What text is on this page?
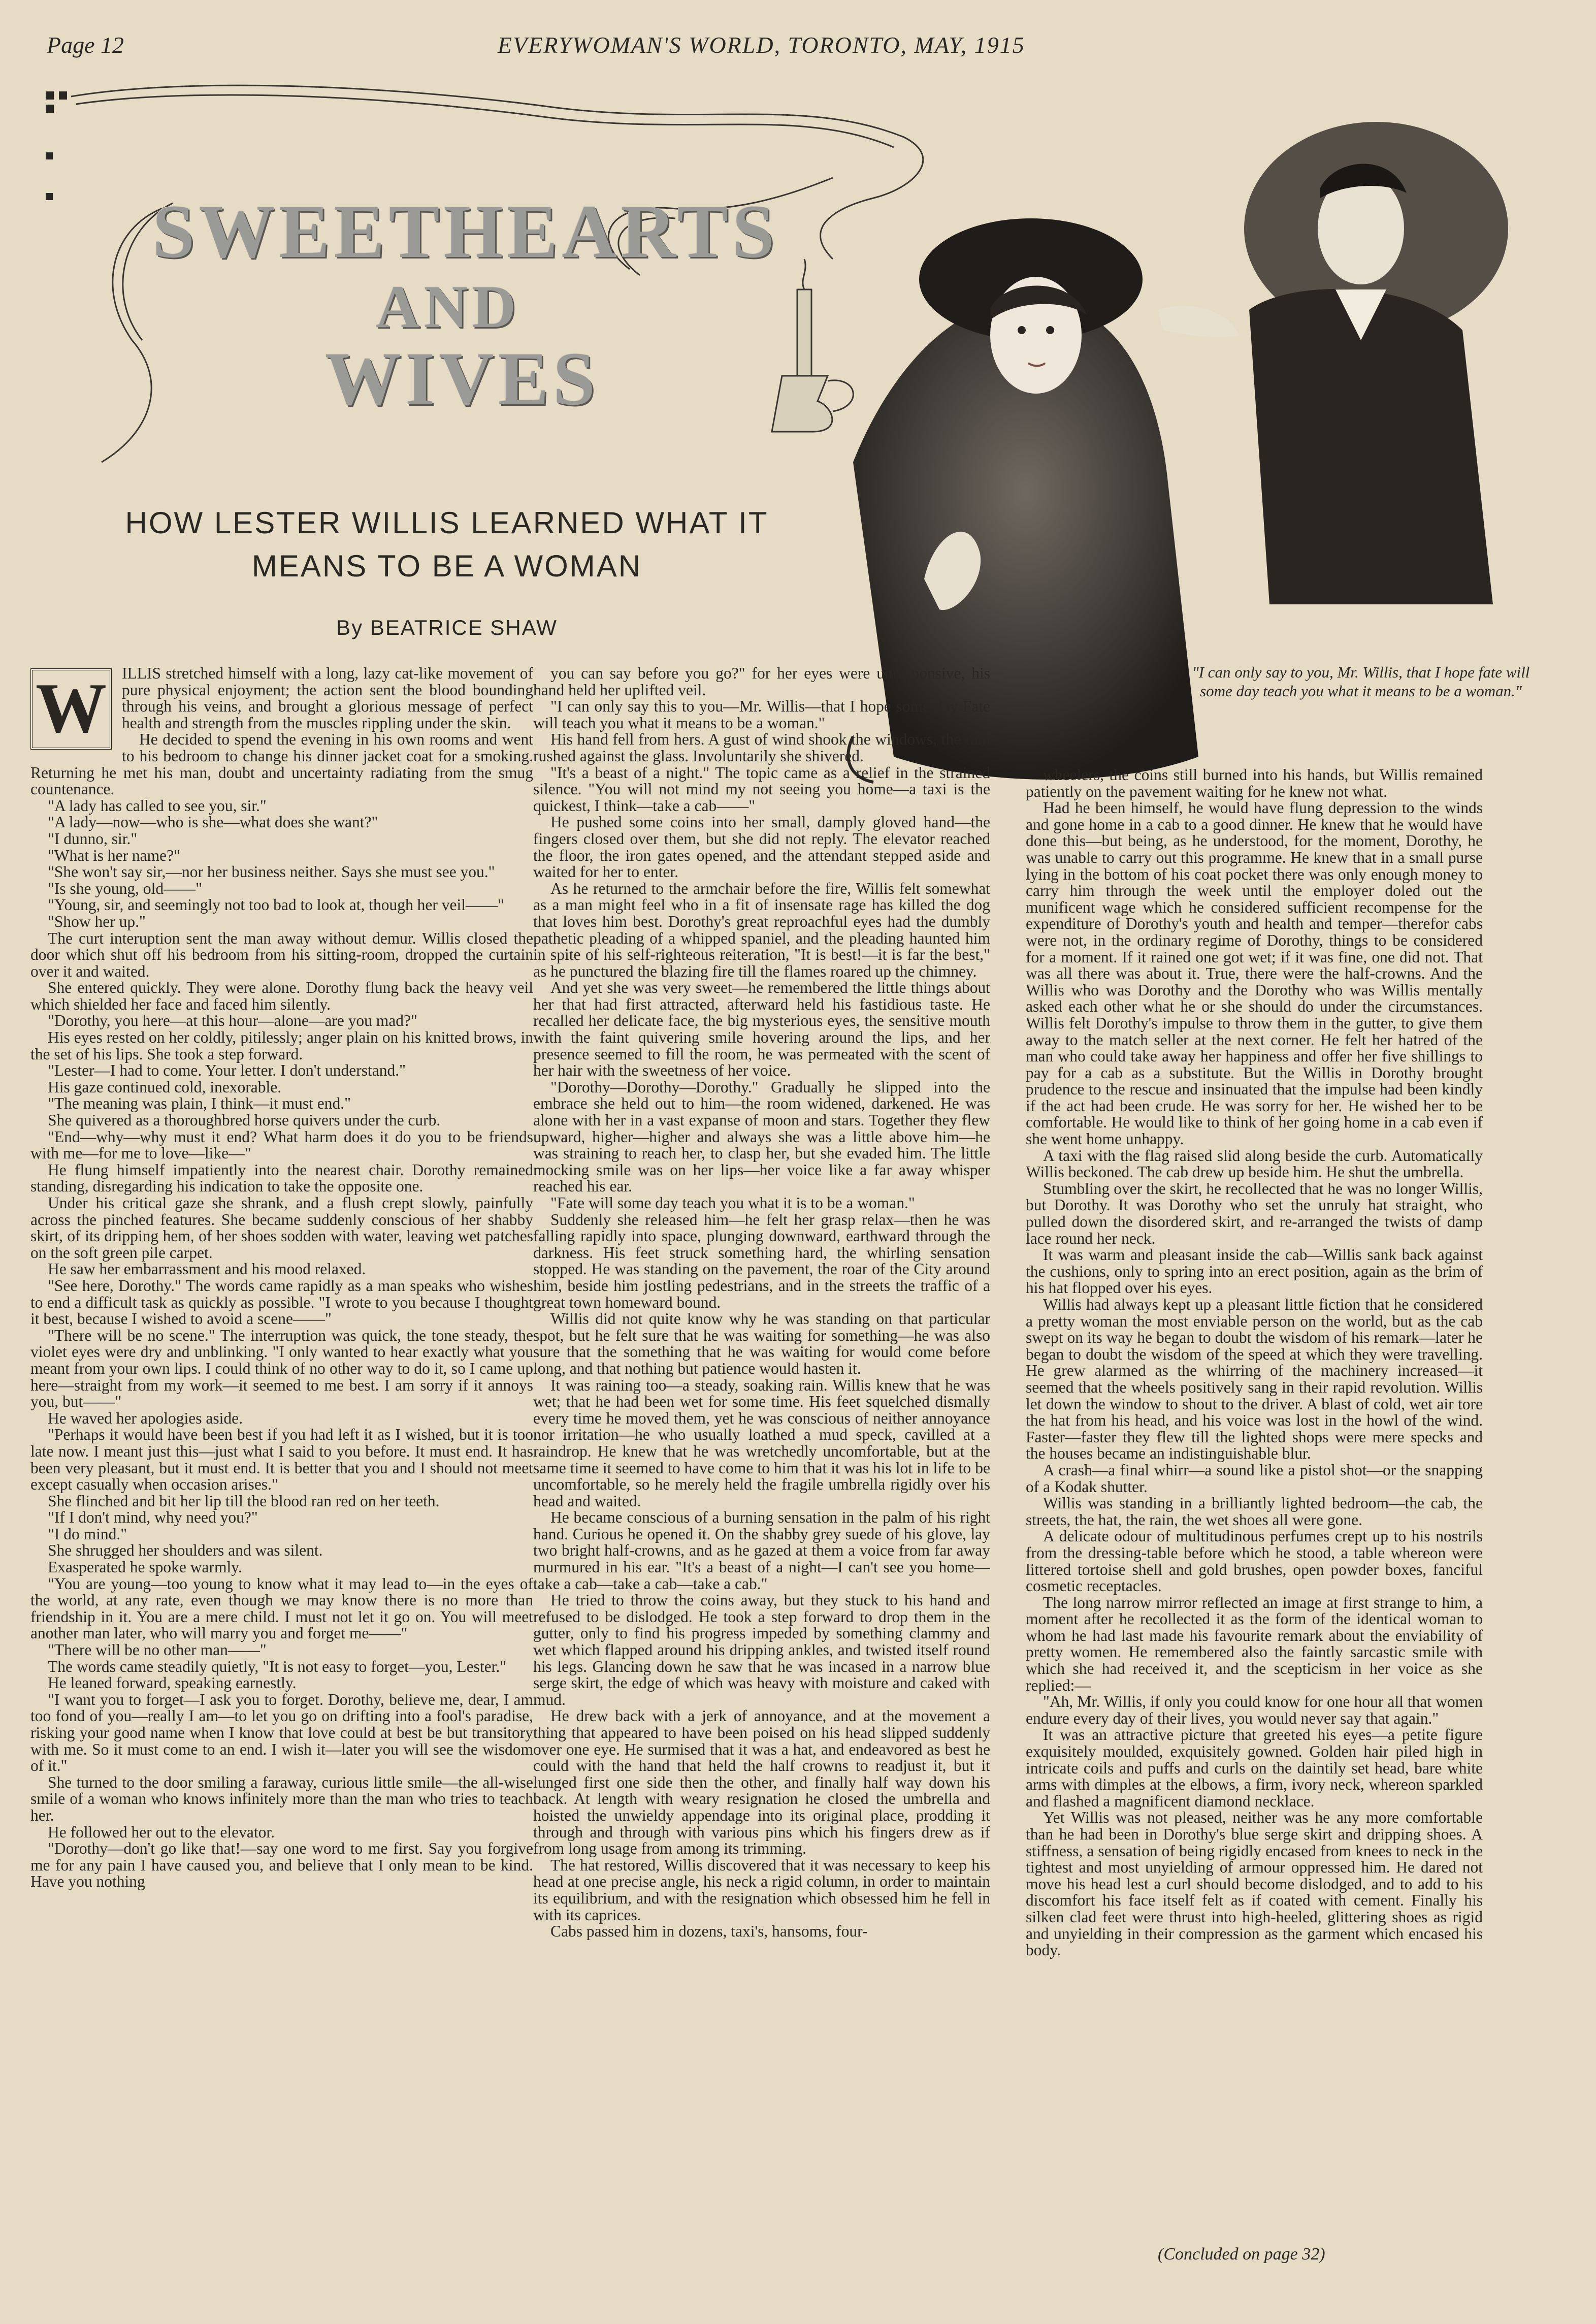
Page 12	EVERYWOMAN'S WORLD, TORONTO, MAY, 1915
SWEETHEARTS
AND
WIVES
HOW LESTER WILLIS LEARNED WHAT IT
MEANS TO BE A WOMAN
By BEATRICE SHAW
"I can only say to you, Mr. Willis, that I hope fate will some day teach you what it means to be a woman."
W ILLIS stretched himself with a long, lazy cat-like movement of pure physical enjoyment; the action sent the blood bounding through his veins, and brought a glorious message of perfect health and strength from the muscles rippling under the skin.

He decided to spend the evening in his own rooms and went to his bedroom to change his dinner jacket coat for a smoking. Returning he met his man, doubt and uncertainty radiating from the smug countenance.

"A lady has called to see you, sir."

"A lady—now—who is she—what does she want?"

"I dunno, sir."

"What is her name?"

"She won't say sir,—nor her business neither. Says she must see you."

"Is she young, old——"

"Young, sir, and seemingly not too bad to look at, though her veil——"

"Show her up."

The curt interuption sent the man away without demur. Willis closed the door which shut off his bedroom from his sitting-room, dropped the curtain over it and waited.

She entered quickly. They were alone. Dorothy flung back the heavy veil which shielded her face and faced him silently.

"Dorothy, you here—at this hour—alone—are you mad?"

His eyes rested on her coldly, pitilessly; anger plain on his knitted brows, in the set of his lips. She took a step forward.

"Lester—I had to come. Your letter. I don't understand."

His gaze continued cold, inexorable.

"The meaning was plain, I think—it must end."

She quivered as a thoroughbred horse quivers under the curb.

"End—why—why must it end? What harm does it do you to be friends with me—for me to love—like—"

He flung himself impatiently into the nearest chair. Dorothy remained standing, disregarding his indication to take the opposite one.

Under his critical gaze she shrank, and a flush crept slowly, painfully across the pinched features. She became suddenly conscious of her shabby skirt, of its dripping hem, of her shoes sodden with water, leaving wet patches on the soft green pile carpet.

He saw her embarrassment and his mood relaxed.

"See here, Dorothy." The words came rapidly as a man speaks who wishes to end a difficult task as quickly as possible. "I wrote to you because I thought it best, because I wished to avoid a scene——"

"There will be no scene." The interruption was quick, the tone steady, the violet eyes were dry and unblinking. "I only wanted to hear exactly what you meant from your own lips. I could think of no other way to do it, so I came up here—straight from my work—it seemed to me best. I am sorry if it annoys you, but——"

He waved her apologies aside.

"Perhaps it would have been best if you had left it as I wished, but it is too late now. I meant just this—just what I said to you before. It must end. It has been very pleasant, but it must end. It is better that you and I should not meet except casually when occasion arises."

She flinched and bit her lip till the blood ran red on her teeth.

"If I don't mind, why need you?"

"I do mind."

She shrugged her shoulders and was silent.

Exasperated he spoke warmly.

"You are young—too young to know what it may lead to—in the eyes of the world, at any rate, even though we may know there is no more than friendship in it. You are a mere child. I must not let it go on. You will meet another man later, who will marry you and forget me——"

"There will be no other man——"

The words came steadily quietly, "It is not easy to forget—you, Lester."

He leaned forward, speaking earnestly.

"I want you to forget—I ask you to forget. Dorothy, believe me, dear, I am too fond of you—really I am—to let you go on drifting into a fool's paradise, risking your good name when I know that love could at best be but transitory with me. So it must come to an end. I wish it—later you will see the wisdom of it."

She turned to the door smiling a faraway, curious little smile—the all-wise smile of a woman who knows infinitely more than the man who tries to teach her.

He followed her out to the elevator.

"Dorothy—don't go like that!—say one word to me first. Say you forgive me for any pain I have caused you, and believe that I only mean to be kind. Have you nothing

you can say before you go?" for her eyes were unresponsive, his hand held her uplifted veil.

"I can only say this to you—Mr. Willis—that I hope some day Fate will teach you what it means to be a woman."

His hand fell from hers. A gust of wind shook the windows, the rain rushed against the glass. Involuntarily she shivered.

"It's a beast of a night." The topic came as a relief in the strained silence. "You will not mind my not seeing you home—a taxi is the quickest, I think—take a cab——"

He pushed some coins into her small, damply gloved hand—the fingers closed over them, but she did not reply. The elevator reached the floor, the iron gates opened, and the attendant stepped aside and waited for her to enter.

As he returned to the armchair before the fire, Willis felt somewhat as a man might feel who in a fit of insensate rage has killed the dog that loves him best. Dorothy's great reproachful eyes had the dumbly pathetic pleading of a whipped spaniel, and the pleading haunted him in spite of his self-righteous reiteration, "It is best!—it is far the best," as he punctured the blazing fire till the flames roared up the chimney.

And yet she was very sweet—he remembered the little things about her that had first attracted, afterward held his fastidious taste. He recalled her delicate face, the big mysterious eyes, the sensitive mouth with the faint quivering smile hovering around the lips, and her presence seemed to fill the room, he was permeated with the scent of her hair with the sweetness of her voice.

"Dorothy—Dorothy—Dorothy." Gradually he slipped into the embrace she held out to him—the room widened, darkened. He was alone with her in a vast expanse of moon and stars. Together they flew upward, higher—higher and always she was a little above him—he was straining to reach her, to clasp her, but she evaded him. The little mocking smile was on her lips—her voice like a far away whisper reached his ear.

"Fate will some day teach you what it is to be a woman."

Suddenly she released him—he felt her grasp relax—then he was falling rapidly into space, plunging downward, earthward through the darkness. His feet struck something hard, the whirling sensation stopped. He was standing on the pavement, the roar of the City around him, beside him jostling pedestrians, and in the streets the traffic of a great town homeward bound.

Willis did not quite know why he was standing on that particular spot, but he felt sure that he was waiting for something—he was also sure that the something that he was waiting for would come before long, and that nothing but patience would hasten it.

It was raining too—a steady, soaking rain. Willis knew that he was wet; that he had been wet for some time. His feet squelched dismally every time he moved them, yet he was conscious of neither annoyance nor irritation—he who usually loathed a mud speck, cavilled at a raindrop. He knew that he was wretchedly uncomfortable, but at the same time it seemed to have come to him that it was his lot in life to be uncomfortable, so he merely held the fragile umbrella rigidly over his head and waited.

He became conscious of a burning sensation in the palm of his right hand. Curious he opened it. On the shabby grey suede of his glove, lay two bright half-crowns, and as he gazed at them a voice from far away murmured in his ear. "It's a beast of a night—I can't see you home—take a cab—take a cab—take a cab."

He tried to throw the coins away, but they stuck to his hand and refused to be dislodged. He took a step forward to drop them in the gutter, only to find his progress impeded by something clammy and wet which flapped around his dripping ankles, and twisted itself round his legs. Glancing down he saw that he was incased in a narrow blue serge skirt, the edge of which was heavy with moisture and caked with mud.

He drew back with a jerk of annoyance, and at the movement a thing that appeared to have been poised on his head slipped suddenly over one eye. He surmised that it was a hat, and endeavored as best he could with the hand that held the half crowns to readjust it, but it lunged first one side then the other, and finally half way down his back. At length with weary resignation he closed the umbrella and hoisted the unwieldy appendage into its original place, prodding it through and through with various pins which his fingers drew as if from long usage from among its trimming.

The hat restored, Willis discovered that it was necessary to keep his head at one precise angle, his neck a rigid column, in order to maintain its equilibrium, and with the resignation which obsessed him he fell in with its caprices.

Cabs passed him in dozens, taxi's, hansoms, four-

wheelers, the coins still burned into his hands, but Willis remained patiently on the pavement waiting for he knew not what.

Had he been himself, he would have flung depression to the winds and gone home in a cab to a good dinner. He knew that he would have done this—but being, as he understood, for the moment, Dorothy, he was unable to carry out this programme. He knew that in a small purse lying in the bottom of his coat pocket there was only enough money to carry him through the week until the employer doled out the munificent wage which he considered sufficient recompense for the expenditure of Dorothy's youth and health and temper—therefor cabs were not, in the ordinary regime of Dorothy, things to be considered for a moment. If it rained one got wet; if it was fine, one did not. That was all there was about it. True, there were the half-crowns. And the Willis who was Dorothy and the Dorothy who was Willis mentally asked each other what he or she should do under the circumstances. Willis felt Dorothy's impulse to throw them in the gutter, to give them away to the match seller at the next corner. He felt her hatred of the man who could take away her happiness and offer her five shillings to pay for a cab as a substitute. But the Willis in Dorothy brought prudence to the rescue and insinuated that the impulse had been kindly if the act had been crude. He was sorry for her. He wished her to be comfortable. He would like to think of her going home in a cab even if she went home unhappy.

A taxi with the flag raised slid along beside the curb. Automatically Willis beckoned. The cab drew up beside him. He shut the umbrella.

Stumbling over the skirt, he recollected that he was no longer Willis, but Dorothy. It was Dorothy who set the unruly hat straight, who pulled down the disordered skirt, and re-arranged the twists of damp lace round her neck.

It was warm and pleasant inside the cab—Willis sank back against the cushions, only to spring into an erect position, again as the brim of his hat flopped over his eyes.

Willis had always kept up a pleasant little fiction that he considered a pretty woman the most enviable person on the world, but as the cab swept on its way he began to doubt the wisdom of his remark—later he began to doubt the wisdom of the speed at which they were travelling. He grew alarmed as the whirring of the machinery increased—it seemed that the wheels positively sang in their rapid revolution. Willis let down the window to shout to the driver. A blast of cold, wet air tore the hat from his head, and his voice was lost in the howl of the wind. Faster—faster they flew till the lighted shops were mere specks and the houses became an indistinguishable blur.

A crash—a final whirr—a sound like a pistol shot—or the snapping of a Kodak shutter.

Willis was standing in a brilliantly lighted bedroom—the cab, the streets, the hat, the rain, the wet shoes all were gone.

A delicate odour of multitudinous perfumes crept up to his nostrils from the dressing-table before which he stood, a table whereon were littered tortoise shell and gold brushes, open powder boxes, fanciful cosmetic receptacles.

The long narrow mirror reflected an image at first strange to him, a moment after he recollected it as the form of the identical woman to whom he had last made his favourite remark about the enviability of pretty women. He remembered also the faintly sarcastic smile with which she had received it, and the scepticism in her voice as she replied:—

"Ah, Mr. Willis, if only you could know for one hour all that women endure every day of their lives, you would never say that again."

It was an attractive picture that greeted his eyes—a petite figure exquisitely moulded, exquisitely gowned. Golden hair piled high in intricate coils and puffs and curls on the daintily set head, bare white arms with dimples at the elbows, a firm, ivory neck, whereon sparkled and flashed a magnificent diamond necklace.

Yet Willis was not pleased, neither was he any more comfortable than he had been in Dorothy's blue serge skirt and dripping shoes. A stiffness, a sensation of being rigidly encased from knees to neck in the tightest and most unyielding of armour oppressed him. He dared not move his head lest a curl should become dislodged, and to add to his discomfort his face itself felt as if coated with cement. Finally his silken clad feet were thrust into high-heeled, glittering shoes as rigid and unyielding in their compression as the garment which encased his body.

(Concluded on page 32)
